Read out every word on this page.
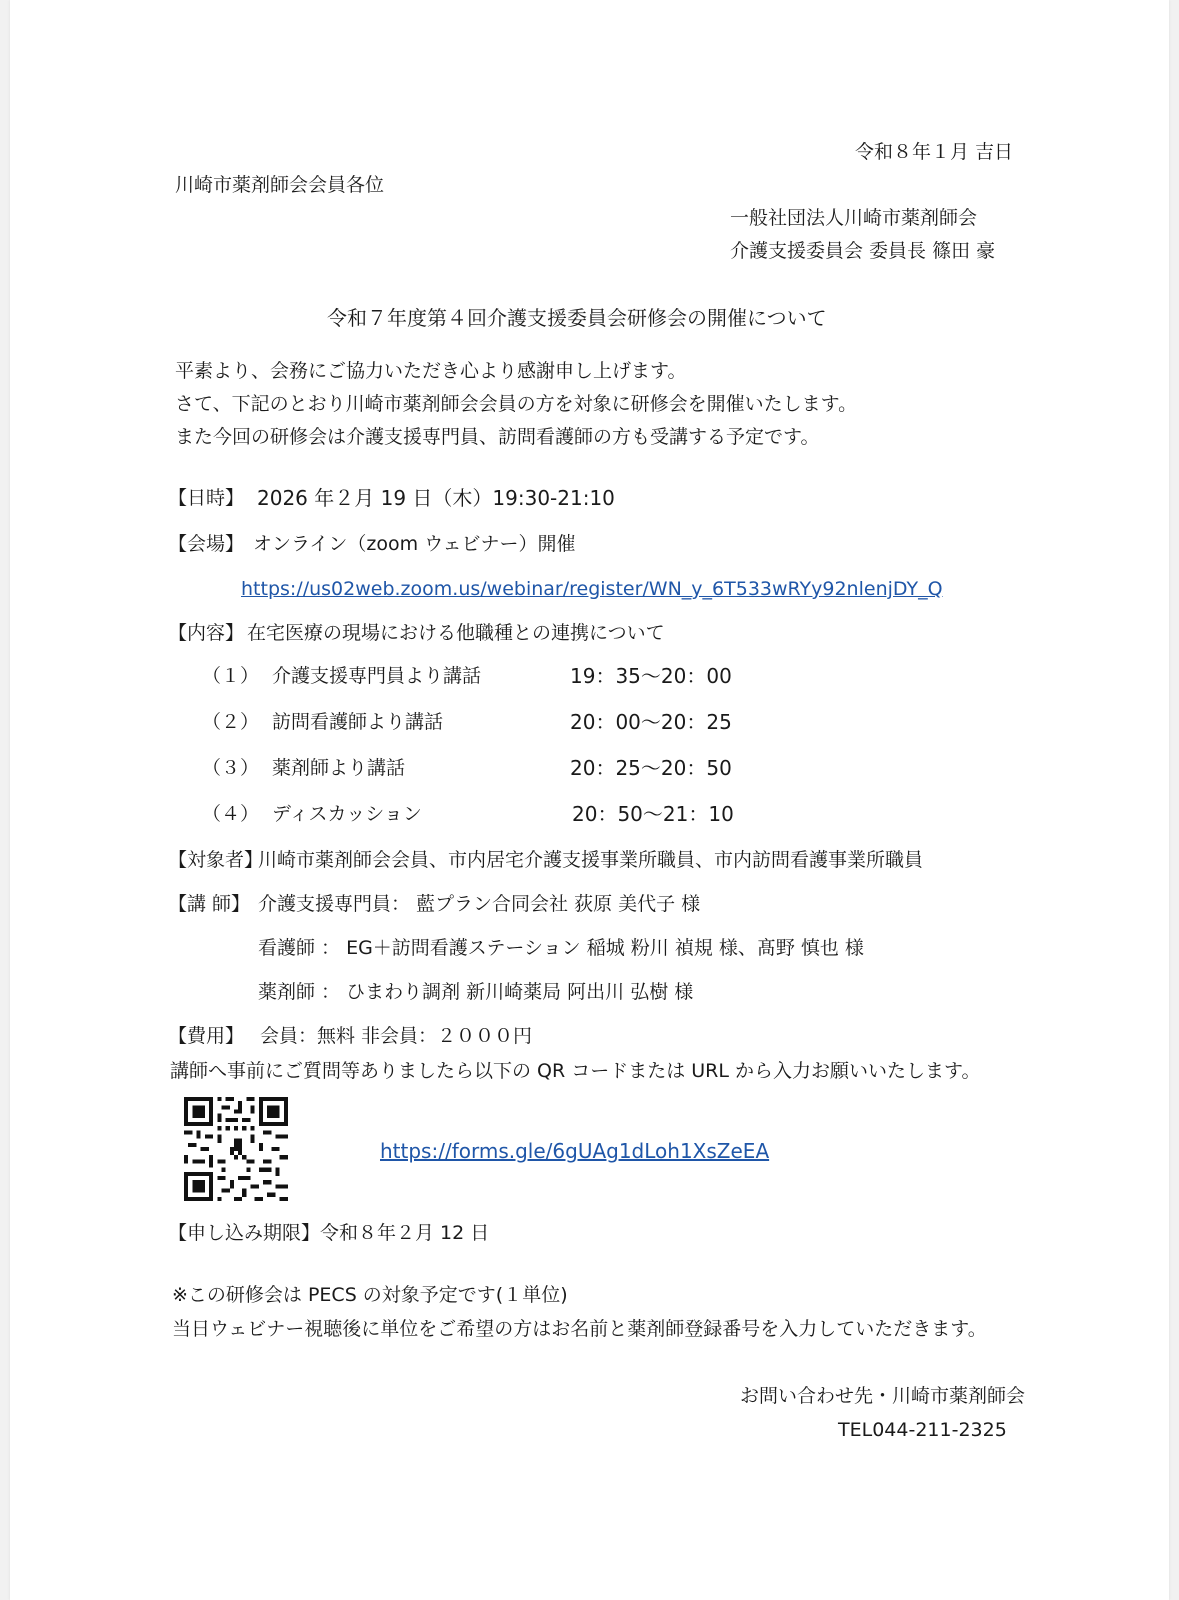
令和８年１月 吉日
川崎市薬剤師会会員各位
一般社団法人川崎市薬剤師会
介護支援委員会 委員長 篠田 豪
令和７年度第４回介護支援委員会研修会の開催について
平素より、会務にご協力いただき心より感謝申し上げます。
さて、下記のとおり川崎市薬剤師会会員の方を対象に研修会を開催いたします。
また今回の研修会は介護支援専門員、訪問看護師の方も受講する予定です。
【日時】 2026 年２月 19 日（木）19:30-21:10
【会場】 オンライン（zoom ウェビナー）開催
https://us02web.zoom.us/webinar/register/WN_y_6T533wRYy92nlenjDY_Q
【内容】 在宅医療の現場における他職種との連携について
（１） 介護支援専門員より講話	19：35〜20：00
（２） 訪問看護師より講話	20：00〜20：25
（３） 薬剤師より講話	20：25〜20：50
（４） ディスカッション	20：50〜21：10
【対象者】
川崎市薬剤師会会員、市内居宅介護支援事業所職員、市内訪問看護事業所職員
【講 師】 介護支援専門員： 藍プラン合同会社 荻原 美代子 様
看護師 ： EG＋訪問看護ステーション 稲城 粉川 禎規 様、髙野 慎也 様
薬剤師 ： ひまわり調剤 新川崎薬局 阿出川 弘樹 様
【費用】 会員：無料 非会員：２０００円
講師へ事前にご質問等ありましたら以下の QR コードまたは URL から入力お願いいたします。
https://forms.gle/6gUAg1dLoh1XsZeEA
【申し込み期限】令和８年２月 12 日
※この研修会は PECS の対象予定です(１単位)
当日ウェビナー視聴後に単位をご希望の方はお名前と薬剤師登録番号を入力していただきます。
お問い合わせ先・川崎市薬剤師会
TEL044-211-2325
